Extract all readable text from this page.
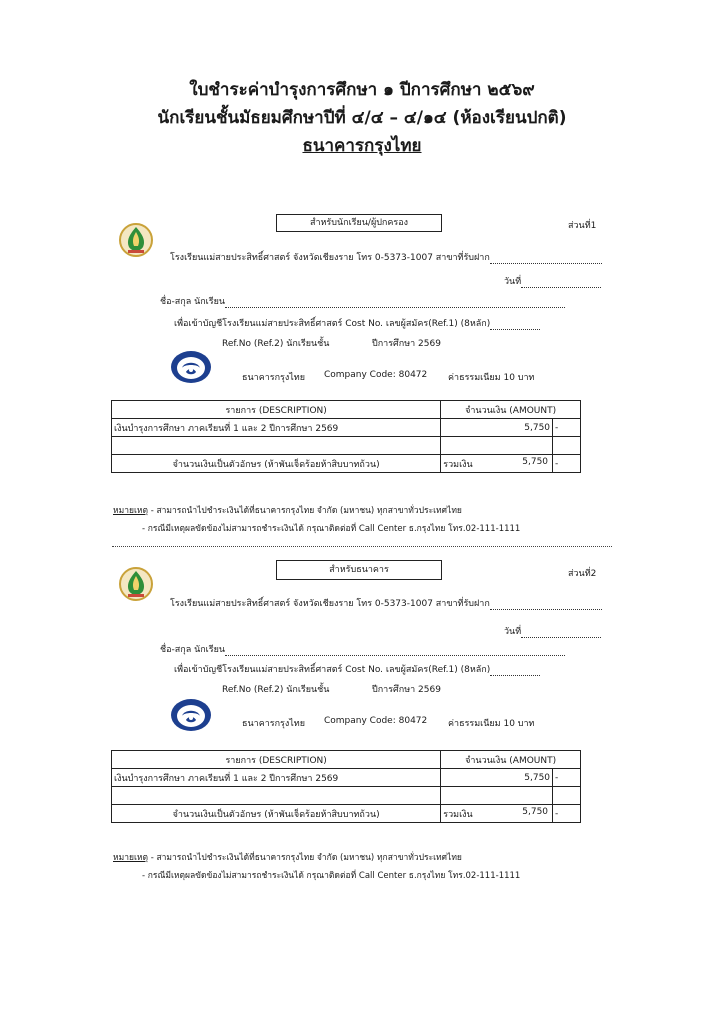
ใบชำระค่าบำรุงการศึกษา ๑ ปีการศึกษา ๒๕๖๙
นักเรียนชั้นมัธยมศึกษาปีที่ ๔/๔ – ๔/๑๔ (ห้องเรียนปกติ)
ธนาคารกรุงไทย
สำหรับนักเรียน/ผู้ปกครอง	ส่วนที่1
โรงเรียนแม่สายประสิทธิ์ศาสตร์ จังหวัดเชียงราย โทร 0-5373-1007 สาขาที่รับฝาก
วันที่
ชื่อ-สกุล นักเรียน
เพื่อเข้าบัญชีโรงเรียนแม่สายประสิทธิ์ศาสตร์ Cost No. เลขผู้สมัคร(Ref.1) (8หลัก)
Ref.No (Ref.2) นักเรียนชั้น	ปีการศึกษา 2569
ธนาคารกรุงไทย Company Code: 80472 ค่าธรรมเนียม 10 บาท
รายการ (DESCRIPTION)	จำนวนเงิน (AMOUNT)	
เงินบำรุงการศึกษา ภาคเรียนที่ 1 และ 2 ปีการศึกษา 2569	5,750	-

จำนวนเงินเป็นตัวอักษร (ห้าพันเจ็ดร้อยห้าสิบบาทถ้วน)	รวมเงิน 5,750	-
หมายเหตุ - สามารถนำไปชำระเงินได้ที่ธนาคารกรุงไทย จำกัด (มหาชน) ทุกสาขาทั่วประเทศไทย
- กรณีมีเหตุผลขัดข้องไม่สามารถชำระเงินได้ กรุณาติดต่อที่ Call Center ธ.กรุงไทย โทร.02-111-1111
สำหรับธนาคาร	ส่วนที่2
โรงเรียนแม่สายประสิทธิ์ศาสตร์ จังหวัดเชียงราย โทร 0-5373-1007 สาขาที่รับฝาก
วันที่
ชื่อ-สกุล นักเรียน
เพื่อเข้าบัญชีโรงเรียนแม่สายประสิทธิ์ศาสตร์ Cost No. เลขผู้สมัคร(Ref.1) (8หลัก)
Ref.No (Ref.2) นักเรียนชั้น	ปีการศึกษา 2569
ธนาคารกรุงไทย Company Code: 80472 ค่าธรรมเนียม 10 บาท
รายการ (DESCRIPTION)	จำนวนเงิน (AMOUNT)	
เงินบำรุงการศึกษา ภาคเรียนที่ 1 และ 2 ปีการศึกษา 2569	5,750	-

จำนวนเงินเป็นตัวอักษร (ห้าพันเจ็ดร้อยห้าสิบบาทถ้วน)	รวมเงิน 5,750	-
หมายเหตุ - สามารถนำไปชำระเงินได้ที่ธนาคารกรุงไทย จำกัด (มหาชน) ทุกสาขาทั่วประเทศไทย
- กรณีมีเหตุผลขัดข้องไม่สามารถชำระเงินได้ กรุณาติดต่อที่ Call Center ธ.กรุงไทย โทร.02-111-1111
